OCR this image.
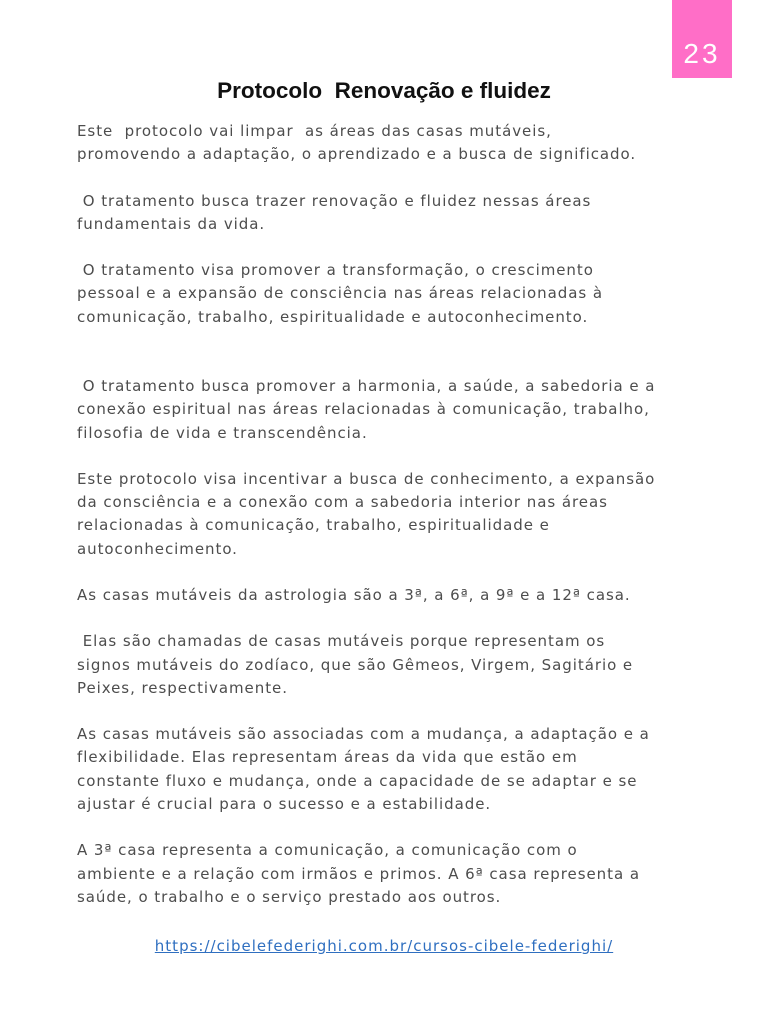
23
Protocolo  Renovação e fluidez

Este  protocolo vai limpar  as áreas das casas mutáveis,

promovendo a adaptação, o aprendizado e a busca de significado.

O tratamento busca trazer renovação e fluidez nessas áreas

fundamentais da vida.

O tratamento visa promover a transformação, o crescimento

pessoal e a expansão de consciência nas áreas relacionadas à

comunicação, trabalho, espiritualidade e autoconhecimento.

O tratamento busca promover a harmonia, a saúde, a sabedoria e a

conexão espiritual nas áreas relacionadas à comunicação, trabalho,

filosofia de vida e transcendência.

Este protocolo visa incentivar a busca de conhecimento, a expansão

da consciência e a conexão com a sabedoria interior nas áreas

relacionadas à comunicação, trabalho, espiritualidade e

autoconhecimento.

As casas mutáveis da astrologia são a 3ª, a 6ª, a 9ª e a 12ª casa.

Elas são chamadas de casas mutáveis porque representam os

signos mutáveis do zodíaco, que são Gêmeos, Virgem, Sagitário e

Peixes, respectivamente.

As casas mutáveis são associadas com a mudança, a adaptação e a

flexibilidade. Elas representam áreas da vida que estão em

constante fluxo e mudança, onde a capacidade de se adaptar e se

ajustar é crucial para o sucesso e a estabilidade.

A 3ª casa representa a comunicação, a comunicação com o

ambiente e a relação com irmãos e primos. A 6ª casa representa a

saúde, o trabalho e o serviço prestado aos outros.

https://cibelefederighi.com.br/cursos-cibele-federighi/
